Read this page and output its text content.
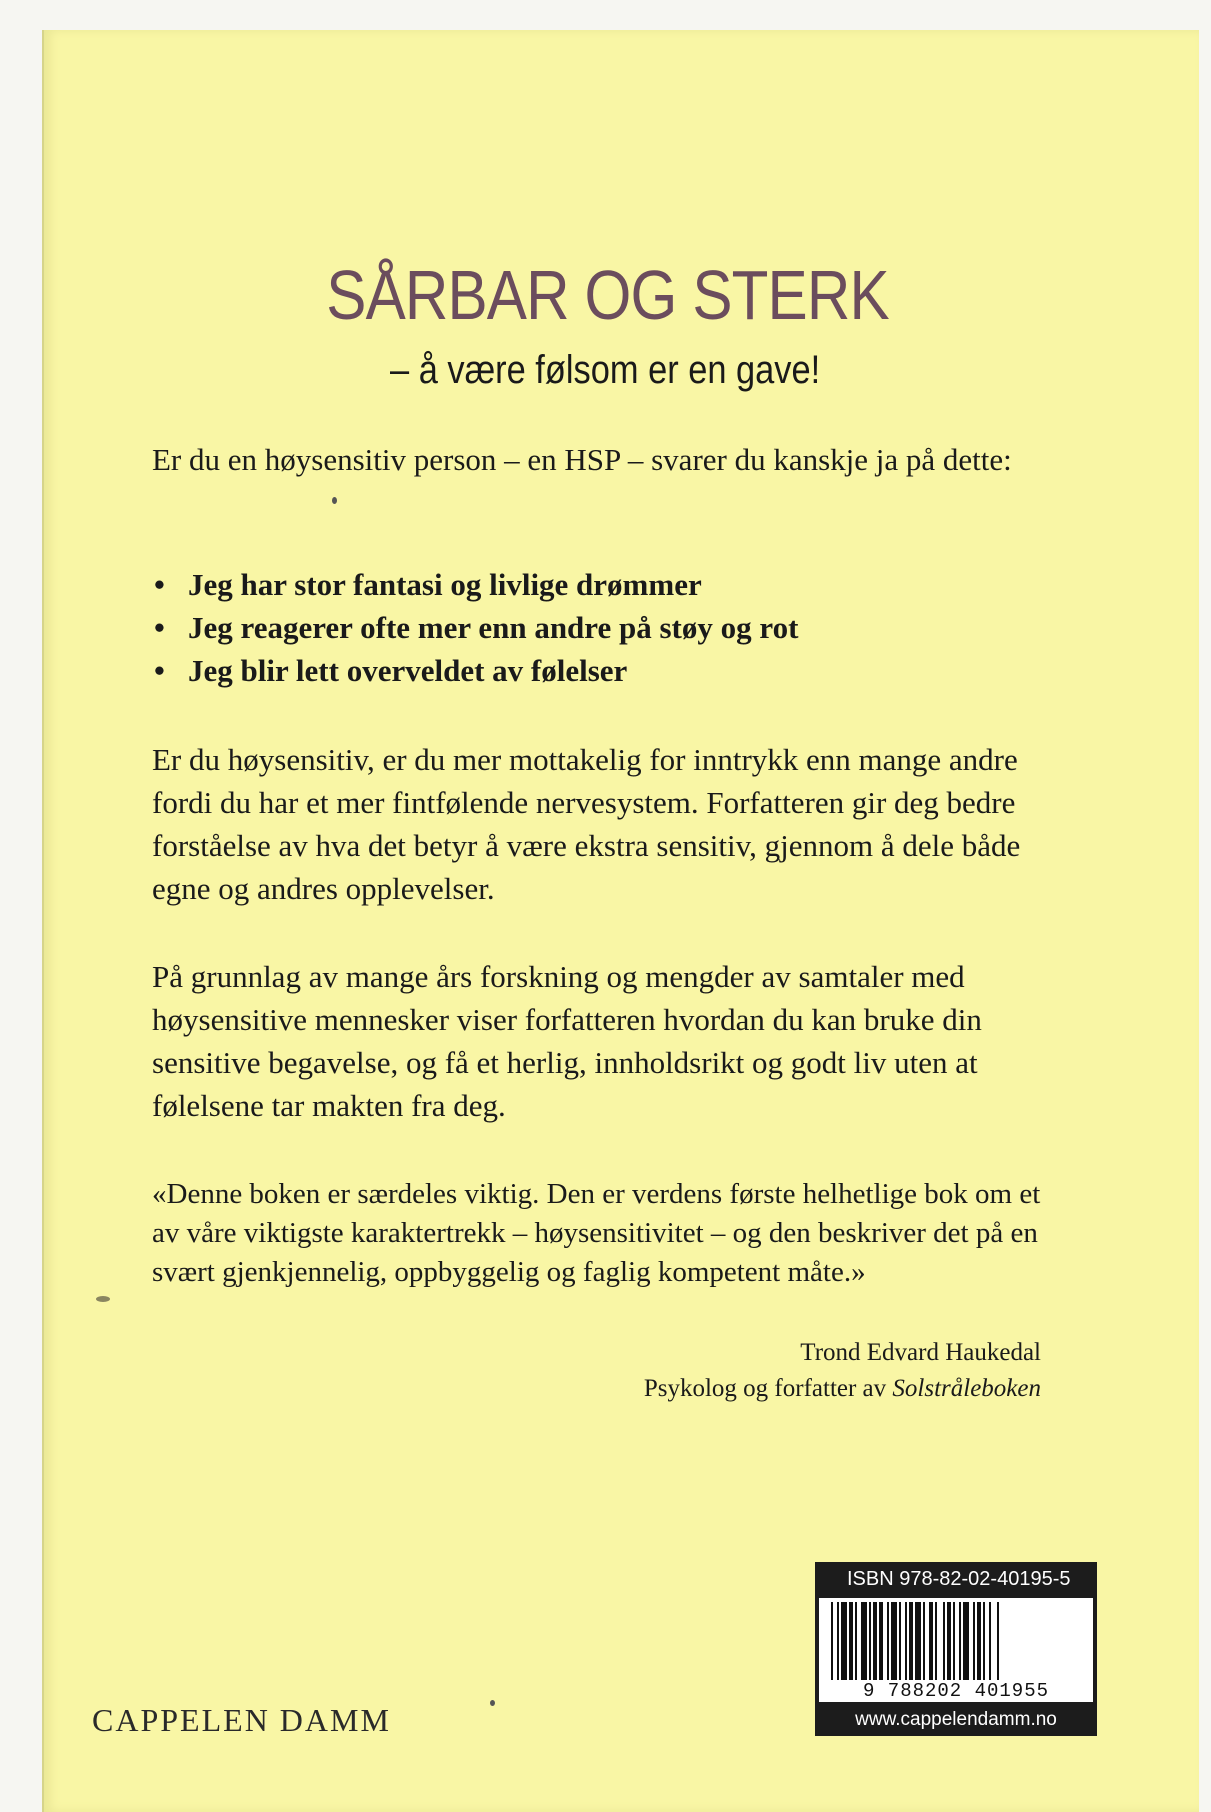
SÅRBAR OG STERK

– å være følsom er en gave!

Er du en høysensitiv person – en HSP – svarer du kanskje ja på dette:

• Jeg har stor fantasi og livlige drømmer
• Jeg reagerer ofte mer enn andre på støy og rot
• Jeg blir lett overveldet av følelser

Er du høysensitiv, er du mer mottakelig for inntrykk enn mange andre fordi du har et mer fintfølende nervesystem. Forfatteren gir deg bedre forståelse av hva det betyr å være ekstra sensitiv, gjennom å dele både egne og andres opplevelser.

På grunnlag av mange års forskning og mengder av samtaler med høysensitive mennesker viser forfatteren hvordan du kan bruke din sensitive begavelse, og få et herlig, innholdsrikt og godt liv uten at følelsene tar makten fra deg.

«Denne boken er særdeles viktig. Den er verdens første helhetlige bok om et av våre viktigste karaktertrekk – høysensitivitet – og den beskriver det på en svært gjenkjennelig, oppbyggelig og faglig kompetent måte.»

Trond Edvard Haukedal
Psykolog og forfatter av Solstråleboken
CAPPELEN DAMM
ISBN 978-82-02-40195-5
9 788202 401955
www.cappelendamm.no
